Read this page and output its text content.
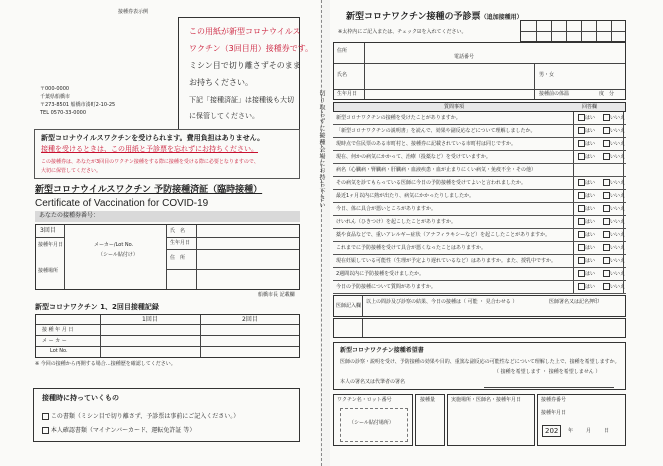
接種券表示例
この用紙が新型コロナウイルス
ワクチン（3回目用）接種券です。
ミシン目で切り離さずそのまま
お持ちください。
下記「接種済証」は接種後も大切
に保管してください。
〒000-0000
千葉県船橋市
〒273-8501 船橋市湊町2-10-25
TEL 0570-33-0000
新型コロナウイルスワクチンを受けられます。費用負担はありません。
接種を受けるときは、この用紙と予診票を忘れずにお持ちください。
この接種券は、あなたが3回目のワクチン接種をする際に接種を受ける際に必要となりますので、
大切に保管してください。
新型コロナウイルスワクチン 予防接種済証（臨時接種）
Certificate of Vaccination for COVID-19
あなたの接種券番号：
3回目
接種年月日
接種場所
メーカー/Lot No.
（シール貼付け）
氏　名
生年月日
住　所
船橋市長 記載欄
新型コロナワクチン 1、2回目接種記録
1回目	2回目
接 種 年 月 日
メ ー カ ー
Lot No.
※ 今回の接種から再開する場合…接種歴を確認してください。
接種時に持っていくもの
この書類（ミシン目で切り離さず、予診票は事前にご記入ください。）
本人確認書類（マイナンバーカード、運転免許証 等）
切り取らずに接種会場にお持ち下さい
新型コロナワクチン接種の予診票（追加接種用）
※太枠内にご記入または、チェック☑を入れてください。
住所
電話番号
氏名	男・女
生年月日	接種前の体温	度　分
質問事項	回答欄
新型コロナワクチンの接種を受けたことがありますか。	はい	いいえ
「新型コロナワクチンの説明書」を読んで、効果や副反応などについて理解しましたか。	はい	いいえ
現時点で住民票のある市町村と、接種券に記載されている市町村は同じですか。	はい	いいえ
現在、何かの病気にかかって、治療（投薬など）を受けていますか。	はい	いいえ
病名（心臓病・腎臓病・肝臓病・血液疾患・血が止まりにくい病気・免疫不全・その他）
その病気を診てもらっている医師に今日の予防接種を受けてよいと言われましたか。	はい	いいえ
最近1ヶ月以内に熱が出たり、病気にかかったりしましたか。	はい	いいえ
今日、体に具合が悪いところがありますか。	はい	いいえ
けいれん（ひきつけ）を起こしたことがありますか。	はい	いいえ
薬や食品などで、重いアレルギー症状（アナフィラキシーなど）を起こしたことがありますか。	はい	いいえ
これまでに予防接種を受けて具合が悪くなったことはありますか。	はい	いいえ
現在妊娠している可能性（生理が予定より遅れているなど）はありますか。また、授乳中ですか。	はい	いいえ
2週間以内に予防接種を受けましたか。	はい	いいえ
今日の予防接種について質問がありますか。	はい	いいえ
医師記入欄
以上の問診及び診察の結果、今日の接種は（ 可能 ・ 見合わせる ）	医師署名又は記名押印
新型コロナワクチン接種希望書
医師の診察・説明を受け、予防接種の効果や目的、重篤な副反応の可能性などについて理解した上で、接種を希望しますか。
（ 接種を希望します ・ 接種を希望しません ）
本人の署名又は代筆者の署名
ワクチン名・ロット番号
（シール貼付場所）
接種量	実施場所・医師名・接種年月日	接種券番号
接種年月日
202	年	月	日
